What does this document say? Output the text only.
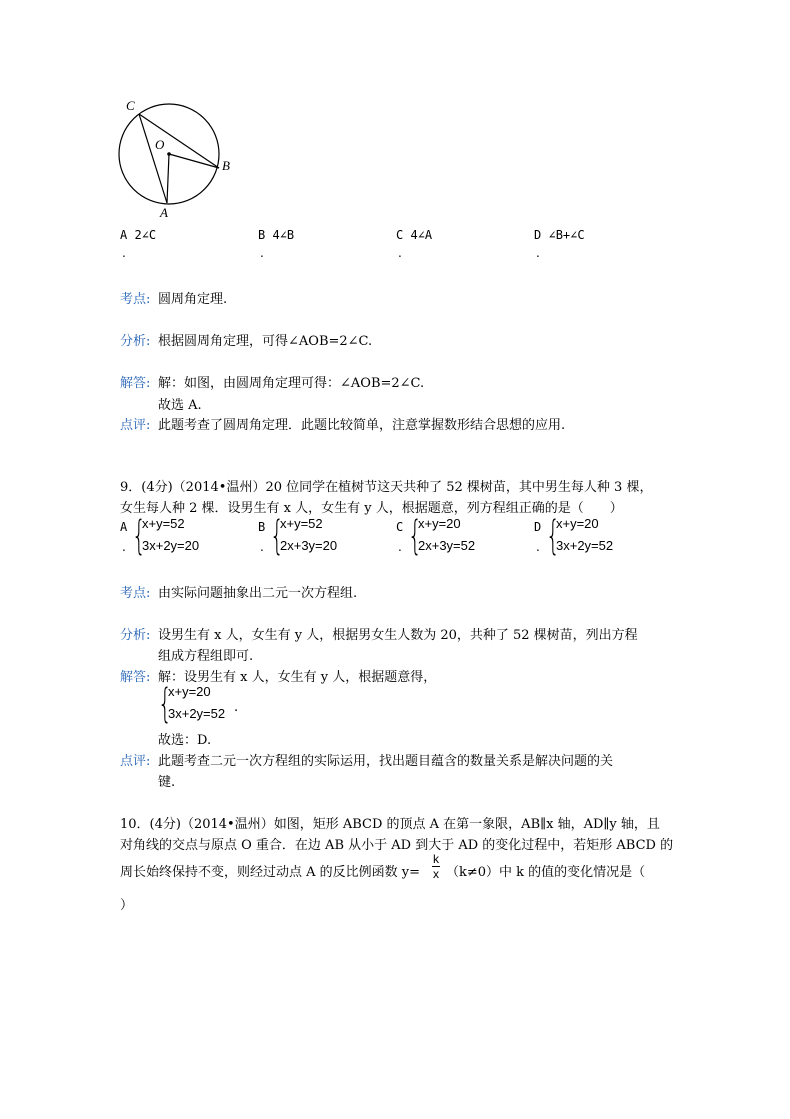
C
O
B
A
A 2∠C
.
B 4∠B
.
C 4∠A
.
D ∠B+∠C
.
考点: 圆周角定理.
分析: 根据圆周角定理，可得∠AOB=2∠C.
解答: 解：如图，由圆周角定理可得：∠AOB=2∠C.
故选 A.
点评: 此题考查了圆周角定理．此题比较简单，注意掌握数形结合思想的应用.
9．(4分)（2014•温州）20 位同学在植树节这天共种了 52 棵树苗，其中男生每人种 3 棵，
女生每人种 2 棵．设男生有 x 人，女生有 y 人，根据题意，列方程组正确的是（　　）
A
. {
x+y=52
3x+2y=20
B
. {
x+y=52
2x+3y=20
C
. {
x+y=20
2x+3y=52
D
. {
x+y=20
3x+2y=52
考点: 由实际问题抽象出二元一次方程组.
分析: 设男生有 x 人，女生有 y 人，根据男女生人数为 20，共种了 52 棵树苗，列出方程
组成方程组即可.
解答: 解：设男生有 x 人，女生有 y 人，根据题意得，
{
x+y=20
3x+2y=52 .
故选：D.
点评: 此题考查二元一次方程组的实际运用，找出题目蕴含的数量关系是解决问题的关
键.
10．(4分)（2014•温州）如图，矩形 ABCD 的顶点 A 在第一象限，AB∥x 轴，AD∥y 轴，且
对角线的交点与原点 O 重合．在边 AB 从小于 AD 到大于 AD 的变化过程中，若矩形 ABCD 的
周长始终保持不变，则经过动点 A 的反比例函数 $y= \frac{k}{x} (k\ne 0)$中 k 的值的变化情况是（
）
